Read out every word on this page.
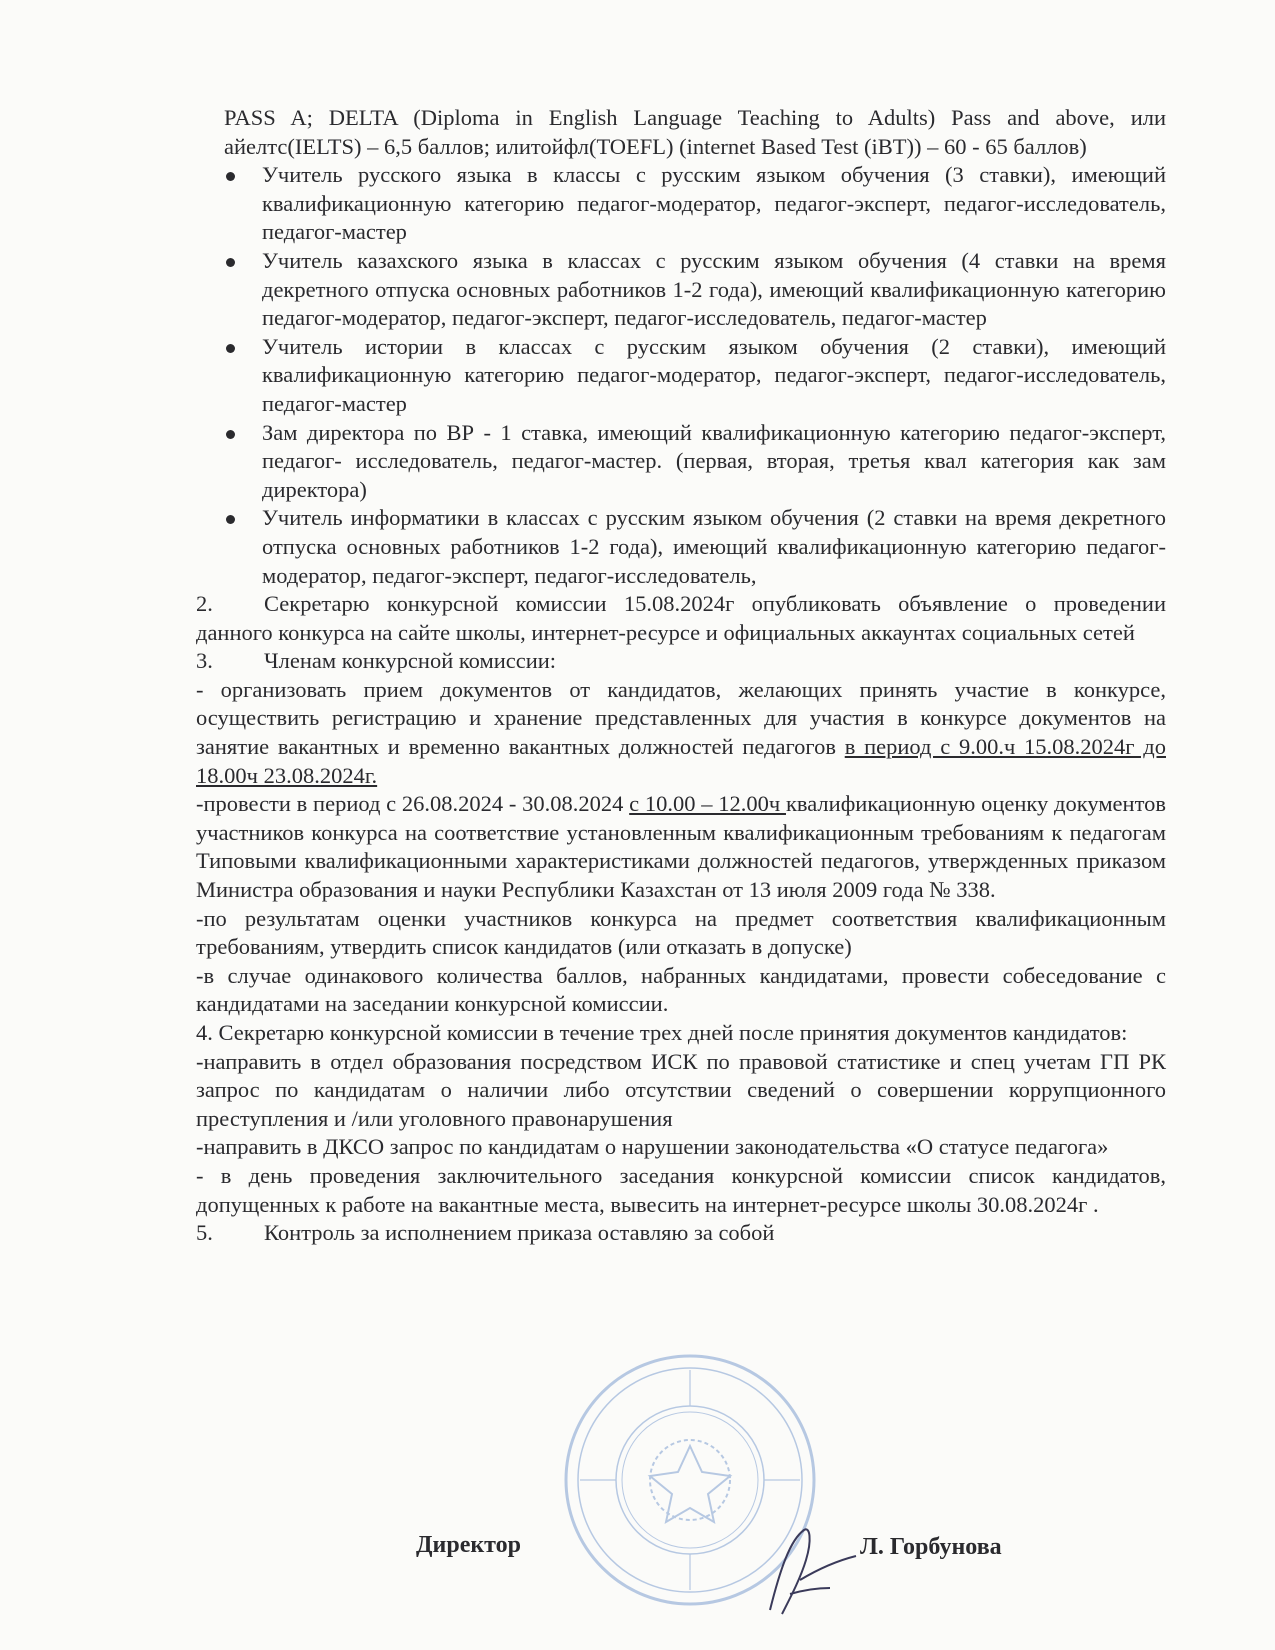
PASS A; DELTA (Diploma in English Language Teaching to Adults) Pass and above, или айелтс(IELTS) – 6,5 баллов; илитойфл(TOEFL) (internet Based Test (iBT)) – 60 - 65 баллов)

Учитель русского языка в классы с русским языком обучения (3 ставки), имеющий квалификационную категорию педагог-модератор, педагог-эксперт, педагог-исследователь, педагог-мастер

Учитель казахского языка в классах с русским языком обучения (4 ставки на время декретного отпуска основных работников 1-2 года), имеющий квалификационную категорию педагог-модератор, педагог-эксперт, педагог-исследователь, педагог-мастер

Учитель истории в классах с русским языком обучения (2 ставки), имеющий квалификационную категорию педагог-модератор, педагог-эксперт, педагог-исследователь, педагог-мастер

Зам директора по ВР - 1 ставка, имеющий квалификационную категорию педагог-эксперт, педагог- исследователь, педагог-мастер. (первая, вторая, третья квал категория как зам директора)

Учитель информатики в классах с русским языком обучения (2 ставки на время декретного отпуска основных работников 1-2 года), имеющий квалификационную категорию педагог-модератор, педагог-эксперт, педагог-исследователь,

2. Секретарю конкурсной комиссии 15.08.2024г опубликовать объявление о проведении данного конкурса на сайте школы, интернет-ресурсе и официальных аккаунтах социальных сетей

3. Членам конкурсной комиссии:

- организовать прием документов от кандидатов, желающих принять участие в конкурсе, осуществить регистрацию и хранение представленных для участия в конкурсе документов на занятие вакантных и временно вакантных должностей педагогов в период с 9.00.ч 15.08.2024г до 18.00ч 23.08.2024г.

-провести в период с 26.08.2024 - 30.08.2024 с 10.00 – 12.00ч квалификационную оценку документов участников конкурса на соответствие установленным квалификационным требованиям к педагогам Типовыми квалификационными характеристиками должностей педагогов, утвержденных приказом Министра образования и науки Республики Казахстан от 13 июля 2009 года № 338.

-по результатам оценки участников конкурса на предмет соответствия квалификационным требованиям, утвердить список кандидатов (или отказать в допуске)

-в случае одинакового количества баллов, набранных кандидатами, провести собеседование с кандидатами на заседании конкурсной комиссии.

4. Секретарю конкурсной комиссии в течение трех дней после принятия документов кандидатов:

-направить в отдел образования посредством ИСК по правовой статистике и спец учетам ГП РК запрос по кандидатам о наличии либо отсутствии сведений о совершении коррупционного преступления и /или уголовного правонарушения

-направить в ДКСО запрос по кандидатам о нарушении законодательства «О статусе педагога»

- в день проведения заключительного заседания конкурсной комиссии список кандидатов, допущенных к работе на вакантные места, вывесить на интернет-ресурсе школы 30.08.2024г .

5. Контроль за исполнением приказа оставляю за собой

Директор	Л. Горбунова
